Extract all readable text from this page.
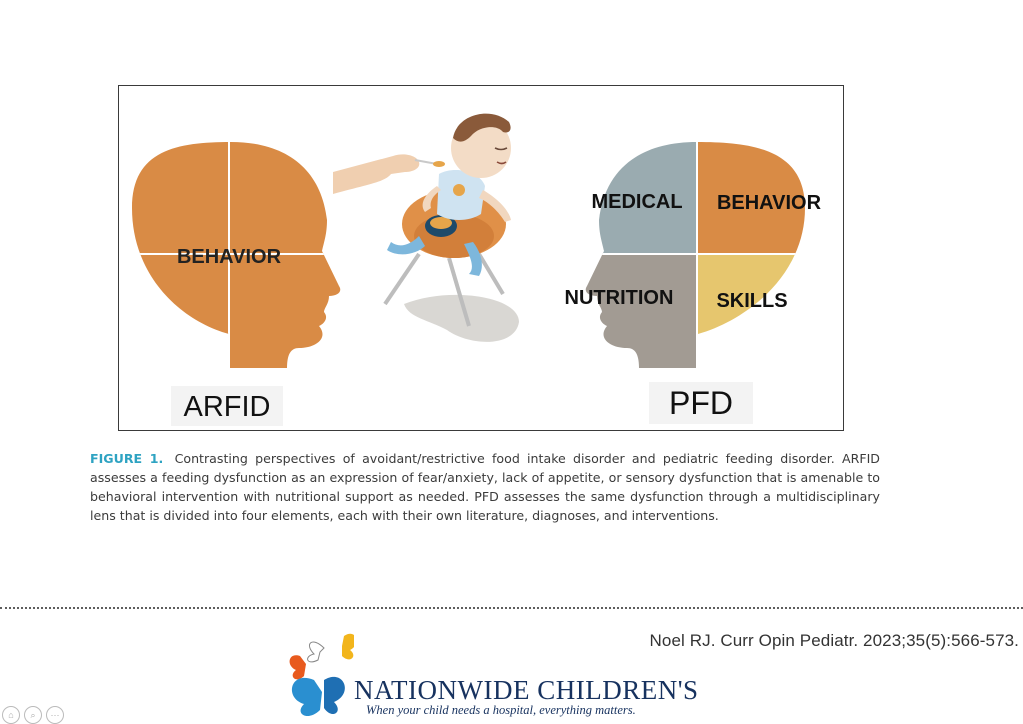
BEHAVIOR
MEDICAL BEHAVIOR
NUTRITION SKILLS
ARFID	PFD
FIGURE 1. Contrasting perspectives of avoidant/restrictive food intake disorder and pediatric feeding disorder. ARFID assesses a feeding dysfunction as an expression of fear/anxiety, lack of appetite, or sensory dysfunction that is amenable to behavioral intervention with nutritional support as needed. PFD assesses the same dysfunction through a multidisciplinary lens that is divided into four elements, each with their own literature, diagnoses, and interventions.
Noel RJ. Curr Opin Pediatr. 2023;35(5):566-573.
NATIONWIDE CHILDREN'S
When your child needs a hospital, everything matters.
⌂	⌕	···
